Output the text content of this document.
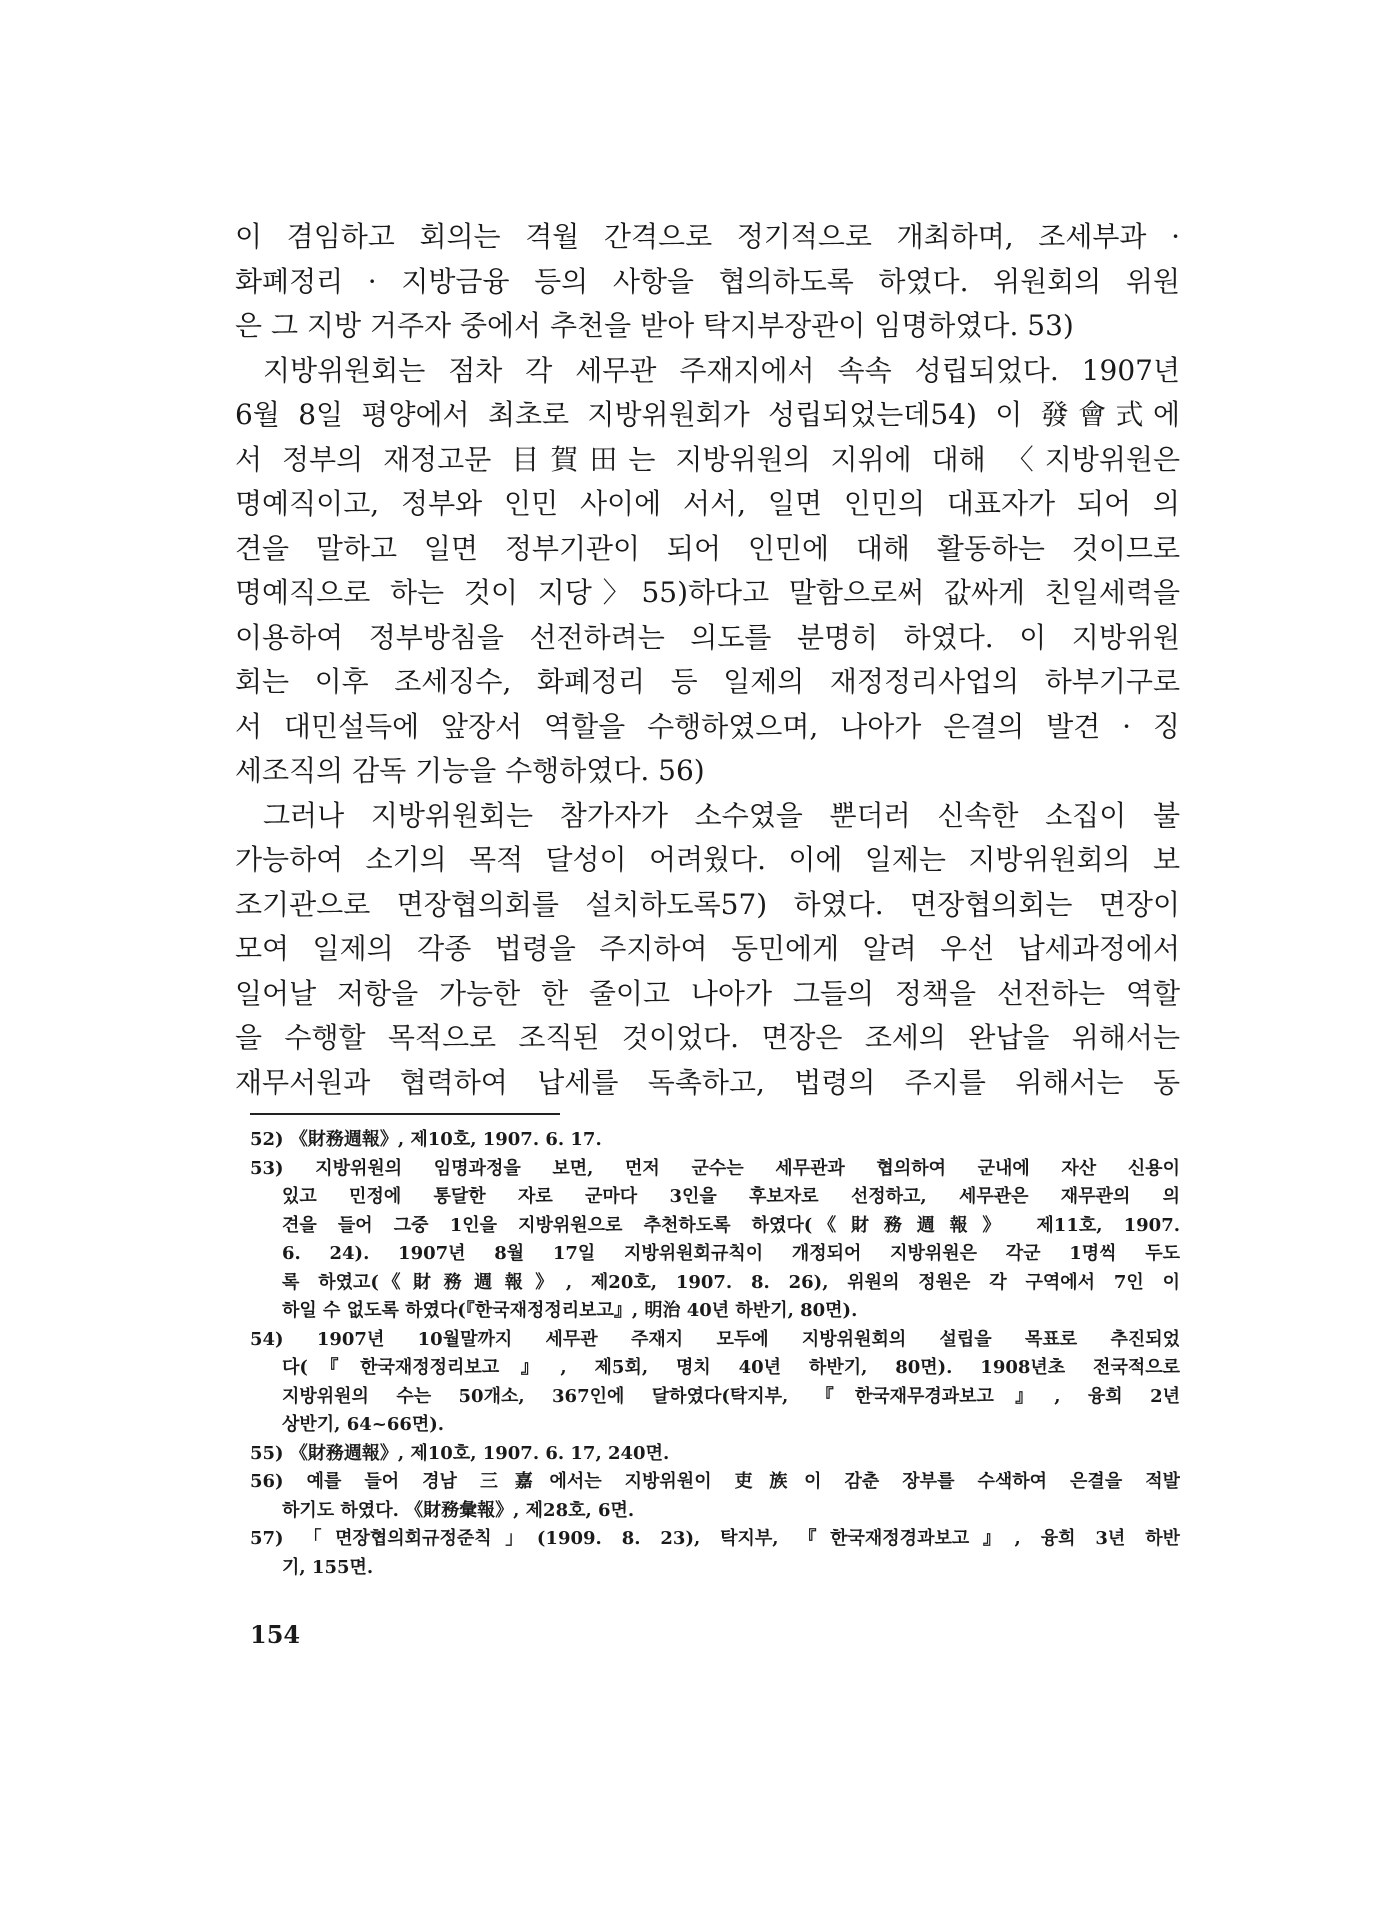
이 겸임하고 회의는 격월 간격으로 정기적으로 개최하며, 조세부과 ·
화폐정리 · 지방금융 등의 사항을 협의하도록 하였다. 위원회의 위원
은 그 지방 거주자 중에서 추천을 받아 탁지부장관이 임명하였다. 53)
지방위원회는 점차 각 세무관 주재지에서 속속 성립되었다. 1907년
6월 8일 평양에서 최초로 지방위원회가 성립되었는데54) 이 發會式에
서 정부의 재정고문 目賀田는 지방위원의 지위에 대해 〈지방위원은
명예직이고, 정부와 인민 사이에 서서, 일면 인민의 대표자가 되어 의
견을 말하고 일면 정부기관이 되어 인민에 대해 활동하는 것이므로
명예직으로 하는 것이 지당〉55)하다고 말함으로써 값싸게 친일세력을
이용하여 정부방침을 선전하려는 의도를 분명히 하였다. 이 지방위원
회는 이후 조세징수, 화폐정리 등 일제의 재정정리사업의 하부기구로
서 대민설득에 앞장서 역할을 수행하였으며, 나아가 은결의 발견 · 징
세조직의 감독 기능을 수행하였다. 56)
그러나 지방위원회는 참가자가 소수였을 뿐더러 신속한 소집이 불
가능하여 소기의 목적 달성이 어려웠다. 이에 일제는 지방위원회의 보
조기관으로 면장협의회를 설치하도록57) 하였다. 면장협의회는 면장이
모여 일제의 각종 법령을 주지하여 동민에게 알려 우선 납세과정에서
일어날 저항을 가능한 한 줄이고 나아가 그들의 정책을 선전하는 역할
을 수행할 목적으로 조직된 것이었다. 면장은 조세의 완납을 위해서는
재무서원과 협력하여 납세를 독촉하고, 법령의 주지를 위해서는 동
52) 《財務週報》, 제10호, 1907. 6. 17.
53) 지방위원의 임명과정을 보면, 먼저 군수는 세무관과 협의하여 군내에 자산 신용이
있고 민정에 통달한 자로 군마다 3인을 후보자로 선정하고, 세무관은 재무관의 의
견을 들어 그중 1인을 지방위원으로 추천하도록 하였다(《財務週報》 제11호, 1907.
6. 24). 1907년 8월 17일 지방위원회규칙이 개정되어 지방위원은 각군 1명씩 두도
록 하였고(《財務週報》, 제20호, 1907. 8. 26), 위원의 정원은 각 구역에서 7인 이
하일 수 없도록 하였다(『한국재정정리보고』, 明治 40년 하반기, 80면).
54) 1907년 10월말까지 세무관 주재지 모두에 지방위원회의 설립을 목표로 추진되었
다(『한국재정정리보고』, 제5회, 명치 40년 하반기, 80면). 1908년초 전국적으로
지방위원의 수는 50개소, 367인에 달하였다(탁지부, 『한국재무경과보고』, 융희 2년
상반기, 64~66면).
55) 《財務週報》, 제10호, 1907. 6. 17, 240면.
56) 예를 들어 경남 三嘉에서는 지방위원이 吏族이 감춘 장부를 수색하여 은결을 적발
하기도 하였다. 《財務彙報》, 제28호, 6면.
57) 「면장협의회규정준칙」(1909. 8. 23), 탁지부, 『한국재정경과보고』, 융희 3년 하반
기, 155면.
154
